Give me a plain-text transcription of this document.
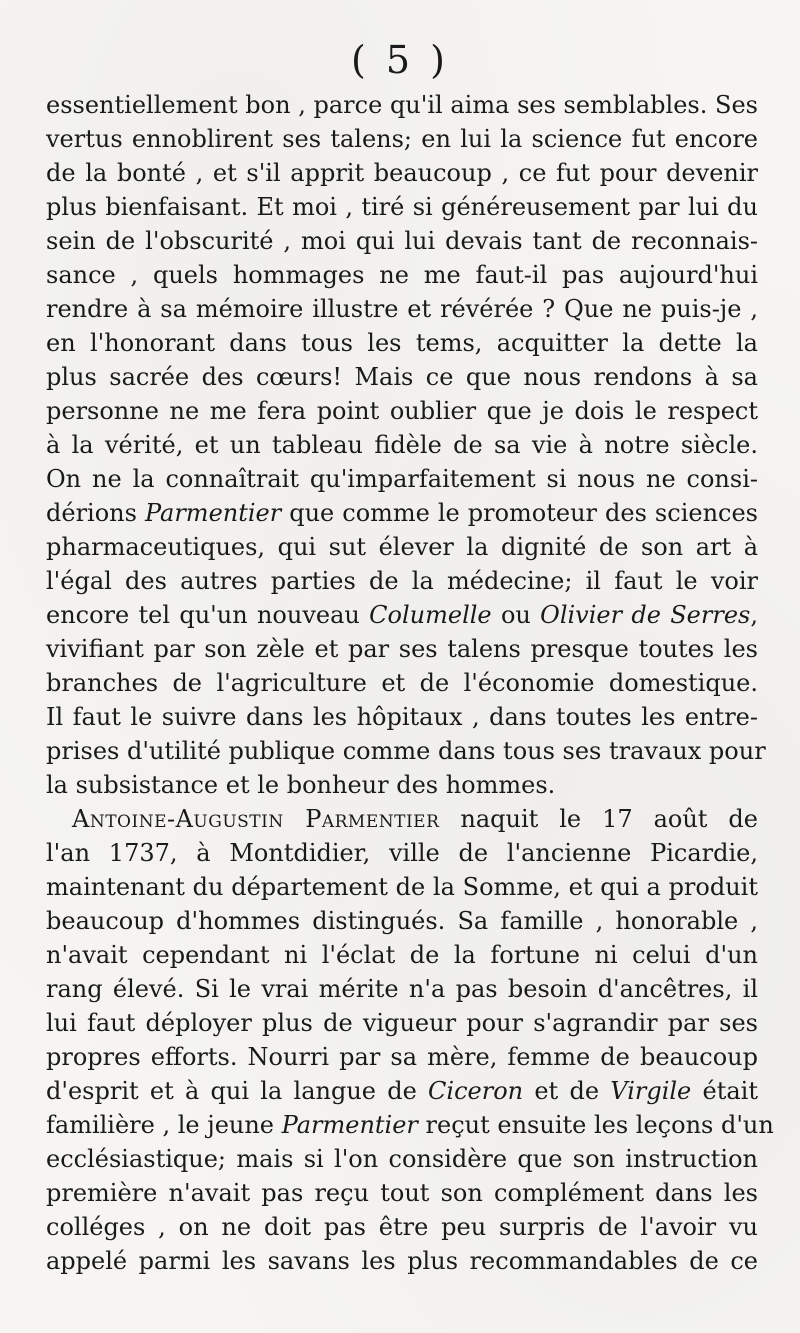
( 5 )
essentiellement bon , parce qu'il aima ses semblables. Ses
vertus ennoblirent ses talens; en lui la science fut encore
de la bonté , et s'il apprit beaucoup , ce fut pour devenir
plus bienfaisant. Et moi , tiré si généreusement par lui du
sein de l'obscurité , moi qui lui devais tant de reconnais-
sance , quels hommages ne me faut-il pas aujourd'hui
rendre à sa mémoire illustre et révérée ? Que ne puis-je ,
en l'honorant dans tous les tems, acquitter la dette la
plus sacrée des cœurs! Mais ce que nous rendons à sa
personne ne me fera point oublier que je dois le respect
à la vérité, et un tableau fidèle de sa vie à notre siècle.
On ne la connaîtrait qu'imparfaitement si nous ne consi-
dérions Parmentier que comme le promoteur des sciences
pharmaceutiques, qui sut élever la dignité de son art à
l'égal des autres parties de la médecine; il faut le voir
encore tel qu'un nouveau Columelle ou Olivier de Serres,
vivifiant par son zèle et par ses talens presque toutes les
branches de l'agriculture et de l'économie domestique.
Il faut le suivre dans les hôpitaux , dans toutes les entre-
prises d'utilité publique comme dans tous ses travaux pour
la subsistance et le bonheur des hommes.
Antoine-Augustin Parmentier naquit le 17 août de
l'an 1737, à Montdidier, ville de l'ancienne Picardie,
maintenant du département de la Somme, et qui a produit
beaucoup d'hommes distingués. Sa famille , honorable ,
n'avait cependant ni l'éclat de la fortune ni celui d'un
rang élevé. Si le vrai mérite n'a pas besoin d'ancêtres, il
lui faut déployer plus de vigueur pour s'agrandir par ses
propres efforts. Nourri par sa mère, femme de beaucoup
d'esprit et à qui la langue de Ciceron et de Virgile était
familière , le jeune Parmentier reçut ensuite les leçons d'un
ecclésiastique; mais si l'on considère que son instruction
première n'avait pas reçu tout son complément dans les
colléges , on ne doit pas être peu surpris de l'avoir vu
appelé parmi les savans les plus recommandables de ce
